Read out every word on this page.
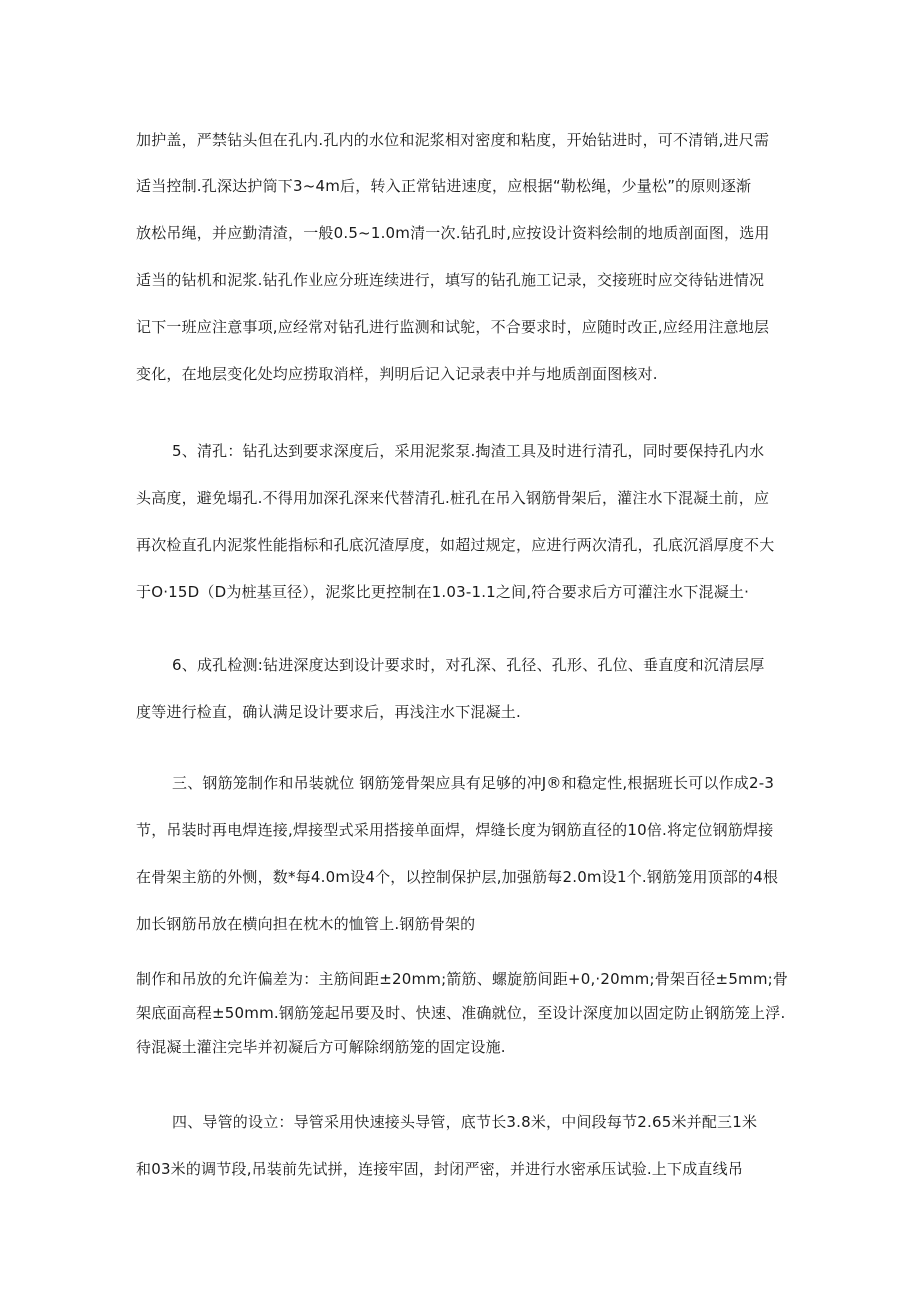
加护盖，严禁钻头但在孔内.孔内的水位和泥浆相对密度和粘度，开始钻进时，可不清销,进尺需
适当控制.孔深达护筒下3~4m后，转入正常钻进速度，应根据“勒松绳，少量松”的原则逐渐
放松吊绳，并应勤清渣，一般0.5~1.0m清一次.钻孔时,应按设计资料绘制的地质剖面图，选用
适当的钻机和泥浆.钻孔作业应分班连续进行，填写的钻孔施工记录，交接班时应交待钻进情况
记下一班应注意事项,应经常对钻孔进行监测和试鸵，不合要求时，应随时改正,应经用注意地层
变化，在地层变化处均应捞取消样，判明后记入记录表中并与地质剖面图核对.
5、清孔：钻孔达到要求深度后，采用泥浆泵.掏渣工具及时进行清孔，同时要保持孔内水
头高度，避免塌孔.不得用加深孔深来代替清孔.桩孔在吊入钢筋骨架后，灌注水下混凝土前，应
再次检直孔内泥浆性能指标和孔底沉渣厚度，如超过规定，应进行两次清孔，孔底沉滔厚度不大
于O·15D（D为桩基亘径），泥浆比更控制在1.03-1.1之间,符合要求后方可灌注水下混凝土·
6、成孔检测:钻进深度达到设计要求时，对孔深、孔径、孔形、孔位、垂直度和沉清层厚
度等进行检直，确认满足设计要求后，再浅注水下混凝土.
三、钢筋笼制作和吊装就位 钢筋笼骨架应具有足够的冲J®和稳定性,根据班长可以作成2-3
节，吊装时再电焊连接,焊接型式采用搭接单面焊，焊缝长度为钢筋直径的10倍.将定位钢筋焊接
在骨架主筋的外恻，数*每4.0m设4个，以控制保护层,加强筋每2.0m设1个.钢筋笼用顶部的4根
加长钢筋吊放在横向担在枕木的恤管上.钢筋骨架的
制作和吊放的允许偏差为：主筋间距±20mm;箭筋、螺旋筋间距+0,·20mm;骨架百径±5mm;骨
架底面高程±50mm.钢筋笼起吊要及时、快速、准确就位，至设计深度加以固定防止钢筋笼上浮.
待混凝土灌注完毕并初凝后方可解除纲筋笼的固定设施.
四、导管的设立：导管采用快速接头导管，底节长3.8米，中间段每节2.65米并配三1米
和03米的调节段,吊装前先试拼，连接牢固，封闭严密，并进行水密承压试验.上下成直线吊
